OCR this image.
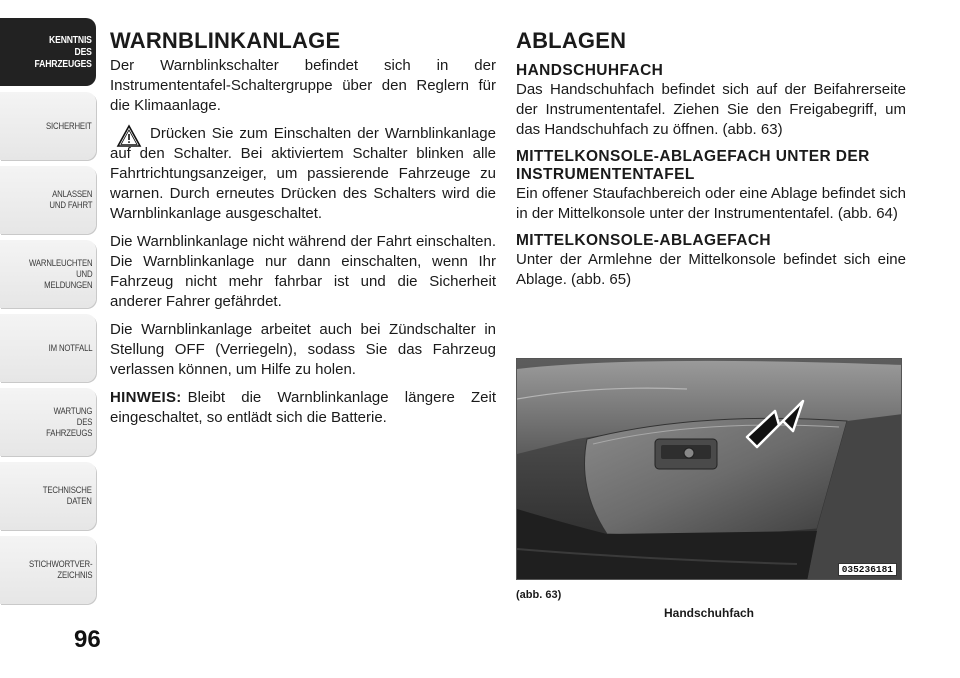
KENNTNIS
DES
FAHRZEUGES
SICHERHEIT
ANLASSEN
UND FAHRT
WARNLEUCHTEN
UND
MELDUNGEN
IM NOTFALL
WARTUNG
DES
FAHRZEUGS
TECHNISCHE
DATEN
STICHWORTVER-
ZEICHNIS
96
WARNBLINKANLAGE

Der Warnblinkschalter befindet sich in der Instrumententafel-Schaltergruppe über den Reglern für die Klimaanlage.

Drücken Sie zum Einschalten der Warnblinkanlage auf den Schalter. Bei aktiviertem Schalter blinken alle Fahrtrichtungsanzeiger, um passierende Fahrzeuge zu warnen. Durch erneutes Drücken des Schalters wird die Warnblinkanlage ausgeschaltet.

Die Warnblinkanlage nicht während der Fahrt einschalten. Die Warnblinkanlage nur dann einschalten, wenn Ihr Fahrzeug nicht mehr fahrbar ist und die Sicherheit anderer Fahrer gefährdet.

Die Warnblinkanlage arbeitet auch bei Zündschalter in Stellung OFF (Verriegeln), sodass Sie das Fahrzeug verlassen können, um Hilfe zu holen.

HINWEIS: Bleibt die Warnblinkanlage längere Zeit eingeschaltet, so entlädt sich die Batterie.

ABLAGEN
HANDSCHUHFACH

Das Handschuhfach befindet sich auf der Beifahrerseite der Instrumententafel. Ziehen Sie den Freigabegriff, um das Handschuhfach zu öffnen. (abb. 63)

MITTELKONSOLE-ABLAGEFACH UNTER DER INSTRUMENTENTAFEL

Ein offener Staufachbereich oder eine Ablage befindet sich in der Mittelkonsole unter der Instrumententafel. (abb. 64)

MITTELKONSOLE-ABLAGEFACH

Unter der Armlehne der Mittelkonsole befindet sich eine Ablage. (abb. 65)

035236181
(abb. 63)
Handschuhfach
